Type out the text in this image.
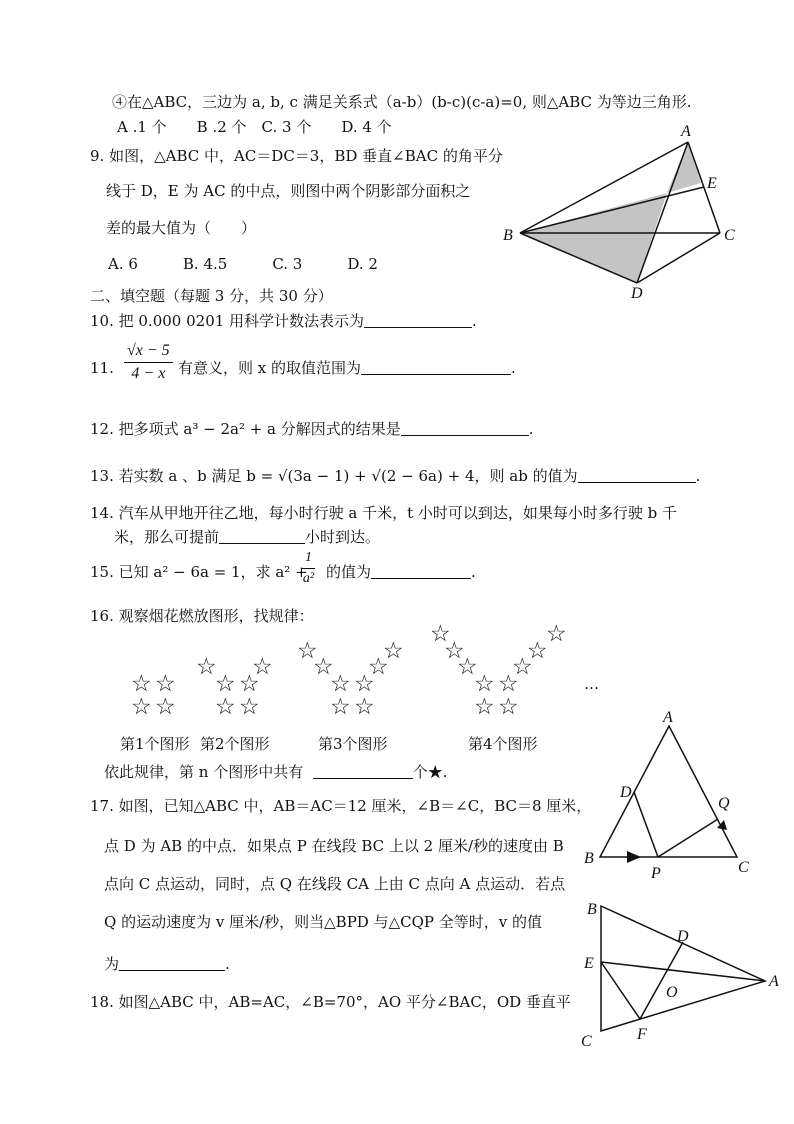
④在△ABC，三边为 a, b, c 满足关系式（a-b）(b-c)(c-a)=0, 则△ABC 为等边三角形.
A .1 个　　B .2 个　C. 3 个　　D. 4 个
9. 如图，△ABC 中，AC＝DC＝3，BD 垂直∠BAC 的角平分
线于 D，E 为 AC 的中点，则图中两个阴影部分面积之
差的最大值为（　　）
A. 6　　　B. 4.5　　　C. 3　　　D. 2
A
B	C
D
E
二、填空题（每题 3 分，共 30 分）
10. 把 0.000 0201 用科学计数法表示为	.
11. $\frac{√x - 5}{4 - x}$ 有意义，则 x 的取值范围为	.
12. 把多项式 a³ − 2a² + a 分解因式的结果是	.
13. 若实数 a 、b 满足 b = √(3a − 1) + √(2 − 6a) + 4，则 ab 的值为	.
14. 汽车从甲地开往乙地，每小时行驶 a 千米，t 小时可以到达，如果每小时多行驶 b 千
米，那么可提前	小时到达。
15. 已知 a² − 6a = 1，求 a² +
$\frac{1}{\text{a²}}$ 的值为	.
16. 观察烟花燃放图形，找规律：
☆ ☆
☆ ☆
☆ ☆
☆ ☆
☆ ☆
☆ ☆
☆ ☆
☆ ☆
☆	☆
☆ ☆
☆ ☆
☆ ☆
☆	☆
☆	☆
第1个图形 第2个图形	第3个图形	第4个图形
…
依此规律，第 n 个图形中共有	个★.
17. 如图，已知△ABC 中，AB＝AC＝12 厘米，∠B＝∠C，BC＝8 厘米，
点 D 为 AB 的中点．如果点 P 在线段 BC 上以 2 厘米/秒的速度由 B
点向 C 点运动，同时，点 Q 在线段 CA 上由 C 点向 A 点运动．若点
Q 的运动速度为 v 厘米/秒，则当△BPD 与△CQP 全等时，v 的值
为	.
A
B
C
D
P
Q
18. 如图△ABC 中，AB=AC，∠B=70°，AO 平分∠BAC，OD 垂直平
B
C
E
D
A
O
F
